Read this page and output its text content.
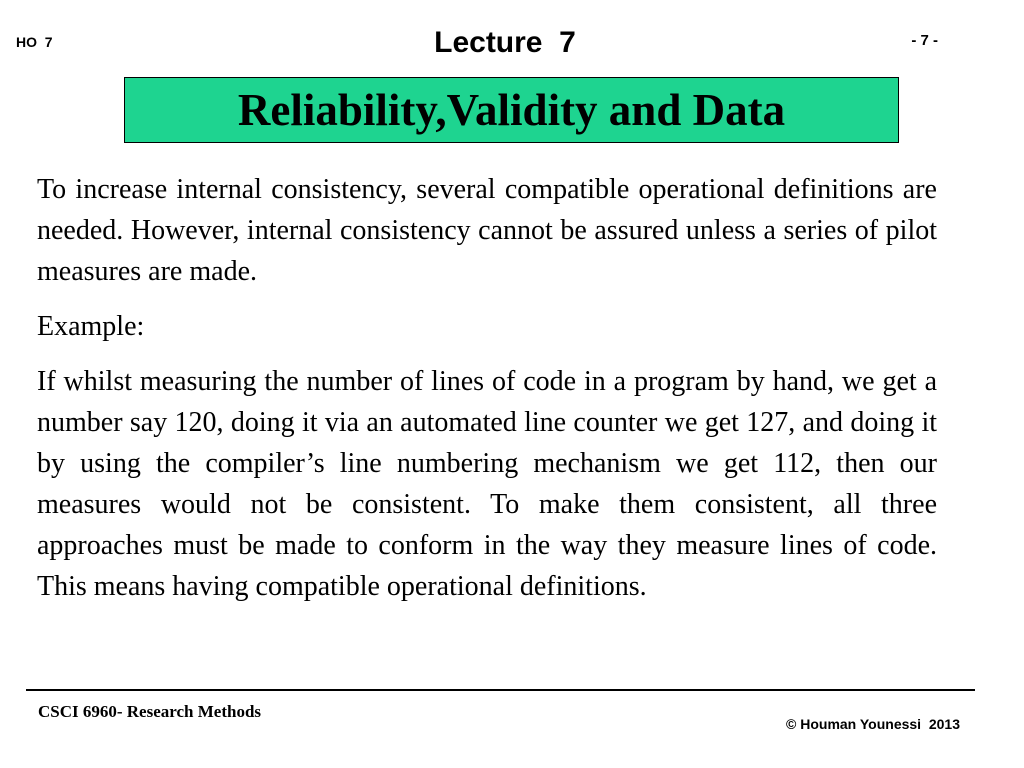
HO  7	Lecture  7	- 7 -
Reliability,Validity and Data

To increase internal consistency, several compatible operational definitions are needed. However, internal consistency cannot be assured unless a series of pilot measures are made.

Example:

If whilst measuring the number of lines of code in a program by hand, we get a number say 120, doing it via an automated line counter we get 127, and doing it by using the compiler’s line numbering mechanism we get 112, then our measures would not be consistent. To make them consistent, all three approaches must be made to conform in the way they measure lines of code. This means having compatible operational definitions.

CSCI 6960- Research Methods
© Houman Younessi  2013
